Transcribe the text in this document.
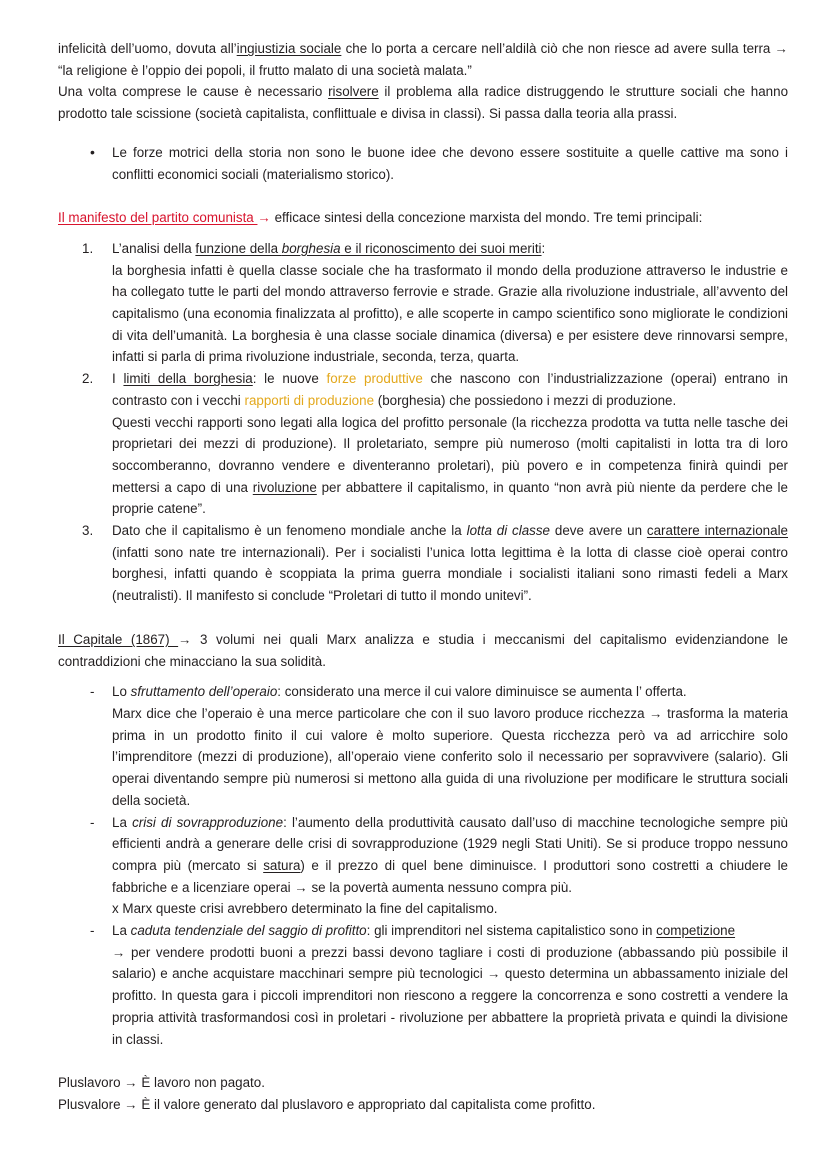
infelicità dell’uomo, dovuta all’ingiustizia sociale che lo porta a cercare nell’aldilà ciò che non riesce ad avere sulla terra → “la religione è l’oppio dei popoli, il frutto malato di una società malata.”

Una volta comprese le cause è necessario risolvere il problema alla radice distruggendo le strutture sociali che hanno prodotto tale scissione (società capitalista, conflittuale e divisa in classi). Si passa dalla teoria alla prassi.

• Le forze motrici della storia non sono le buone idee che devono essere sostituite a quelle cattive ma sono i conflitti economici sociali (materialismo storico).

Il manifesto del partito comunista → efficace sintesi della concezione marxista del mondo. Tre temi principali:

L’analisi della funzione della borghesia e il riconoscimento dei suoi meriti:
la borghesia infatti è quella classe sociale che ha trasformato il mondo della produzione attraverso le industrie e ha collegato tutte le parti del mondo attraverso ferrovie e strade. Grazie alla rivoluzione industriale, all’avvento del capitalismo (una economia finalizzata al profitto), e alle scoperte in campo scientifico sono migliorate le condizioni di vita dell’umanità. La borghesia è una classe sociale dinamica (diversa) e per esistere deve rinnovarsi sempre, infatti si parla di prima rivoluzione industriale, seconda, terza, quarta.
I limiti della borghesia: le nuove forze produttive che nascono con l’industrializzazione (operai) entrano in contrasto con i vecchi rapporti di produzione (borghesia) che possiedono i mezzi di produzione.
Questi vecchi rapporti sono legati alla logica del profitto personale (la ricchezza prodotta va tutta nelle tasche dei proprietari dei mezzi di produzione). Il proletariato, sempre più numeroso (molti capitalisti in lotta tra di loro soccomberanno, dovranno vendere e diventeranno proletari), più povero e in competenza finirà quindi per mettersi a capo di una rivoluzione per abbattere il capitalismo, in quanto “non avrà più niente da perdere che le proprie catene”.
Dato che il capitalismo è un fenomeno mondiale anche la lotta di classe deve avere un carattere internazionale (infatti sono nate tre internazionali). Per i socialisti l’unica lotta legittima è la lotta di classe cioè operai contro borghesi, infatti quando è scoppiata la prima guerra mondiale i socialisti italiani sono rimasti fedeli a Marx (neutralisti). Il manifesto si conclude “Proletari di tutto il mondo unitevi”.

Il Capitale (1867) → 3 volumi nei quali Marx analizza e studia i meccanismi del capitalismo evidenziandone le contraddizioni che minacciano la sua solidità.

- Lo sfruttamento dell’operaio: considerato una merce il cui valore diminuisce se aumenta l’ offerta.
Marx dice che l’operaio è una merce particolare che con il suo lavoro produce ricchezza → trasforma la materia prima in un prodotto finito il cui valore è molto superiore. Questa ricchezza però va ad arricchire solo l’imprenditore (mezzi di produzione), all’operaio viene conferito solo il necessario per sopravvivere (salario). Gli operai diventando sempre più numerosi si mettono alla guida di una rivoluzione per modificare le struttura sociali della società.
- La crisi di sovrapproduzione: l’aumento della produttività causato dall’uso di macchine tecnologiche sempre più efficienti andrà a generare delle crisi di sovrapproduzione (1929 negli Stati Uniti). Se si produce troppo nessuno compra più (mercato si satura) e il prezzo di quel bene diminuisce. I produttori sono costretti a chiudere le fabbriche e a licenziare operai → se la povertà aumenta nessuno compra più.
x Marx queste crisi avrebbero determinato la fine del capitalismo.
- La caduta tendenziale del saggio di profitto: gli imprenditori nel sistema capitalistico sono in competizione
→ per vendere prodotti buoni a prezzi bassi devono tagliare i costi di produzione (abbassando più possibile il salario) e anche acquistare macchinari sempre più tecnologici → questo determina un abbassamento iniziale del profitto. In questa gara i piccoli imprenditori non riescono a reggere la concorrenza e sono costretti a vendere la propria attività trasformandosi così in proletari - rivoluzione per abbattere la proprietà privata e quindi la divisione in classi.

Pluslavoro → È lavoro non pagato.

Plusvalore → È il valore generato dal pluslavoro e appropriato dal capitalista come profitto.
